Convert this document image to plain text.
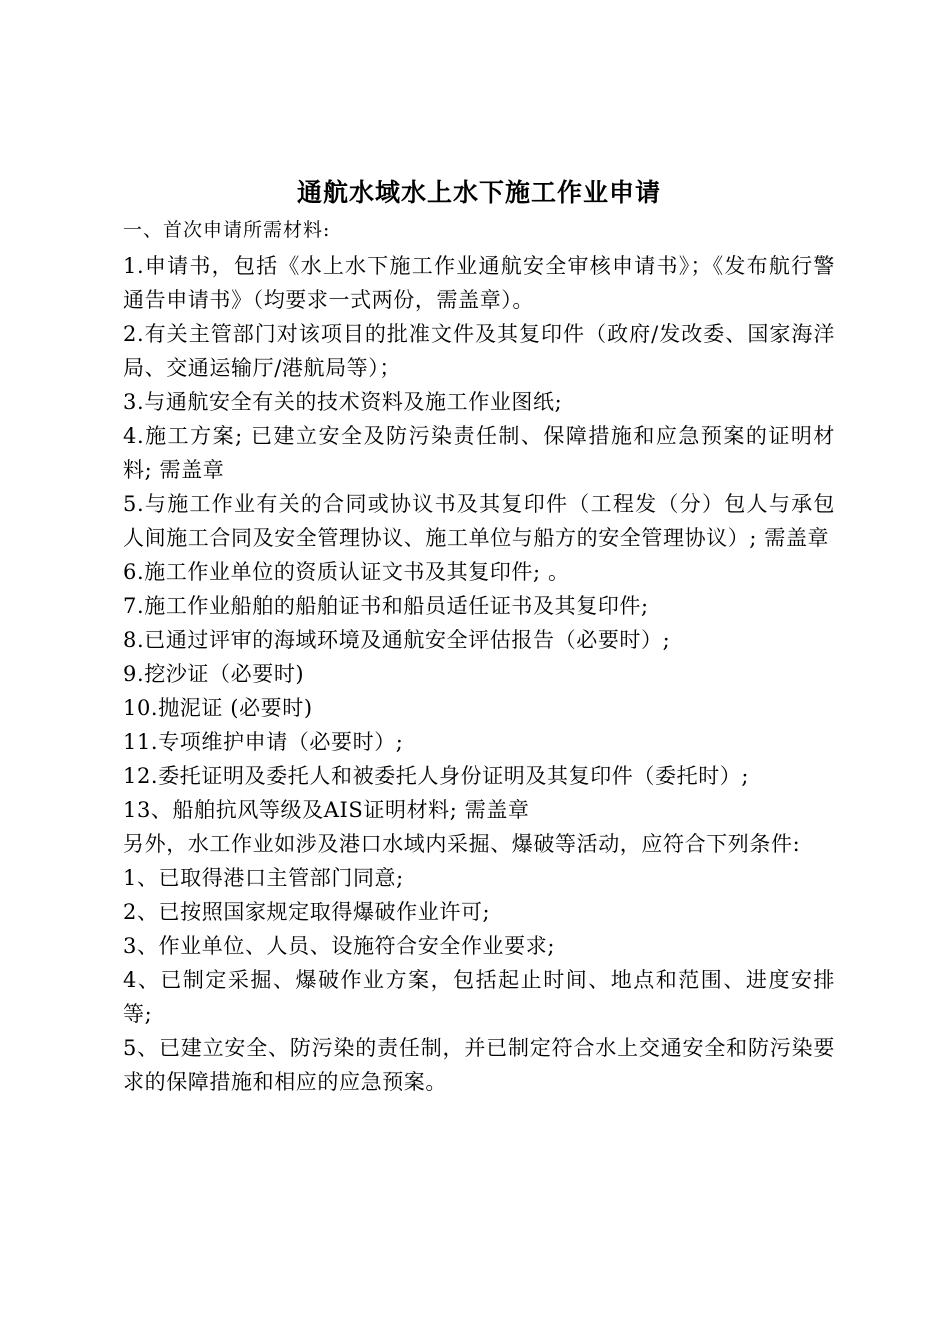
通航水域水上水下施工作业申请

一、首次申请所需材料:

1.申请书，包括《水上水下施工作业通航安全审核申请书》；《发布航行警通告申请书》（均要求一式两份，需盖章）。

2.有关主管部门对该项目的批准文件及其复印件（政府/发改委、国家海洋局、交通运输厅/港航局等）；

3.与通航安全有关的技术资料及施工作业图纸;

4.施工方案; 已建立安全及防污染责任制、保障措施和应急预案的证明材料; 需盖章

5.与施工作业有关的合同或协议书及其复印件（工程发（分）包人与承包人间施工合同及安全管理协议、施工单位与船方的安全管理协议）; 需盖章

6.施工作业单位的资质认证文书及其复印件; 。

7.施工作业船舶的船舶证书和船员适任证书及其复印件;

8.已通过评审的海域环境及通航安全评估报告（必要时）;

9.挖沙证（必要时)

10.抛泥证 (必要时)

11.专项维护申请（必要时）;

12.委托证明及委托人和被委托人身份证明及其复印件（委托时）;

13、船舶抗风等级及AIS证明材料; 需盖章

另外，水工作业如涉及港口水域内采掘、爆破等活动，应符合下列条件:

1、已取得港口主管部门同意;

2、已按照国家规定取得爆破作业许可;

3、作业单位、人员、设施符合安全作业要求;

4、已制定采掘、爆破作业方案，包括起止时间、地点和范围、进度安排等;

5、已建立安全、防污染的责任制，并已制定符合水上交通安全和防污染要求的保障措施和相应的应急预案。
